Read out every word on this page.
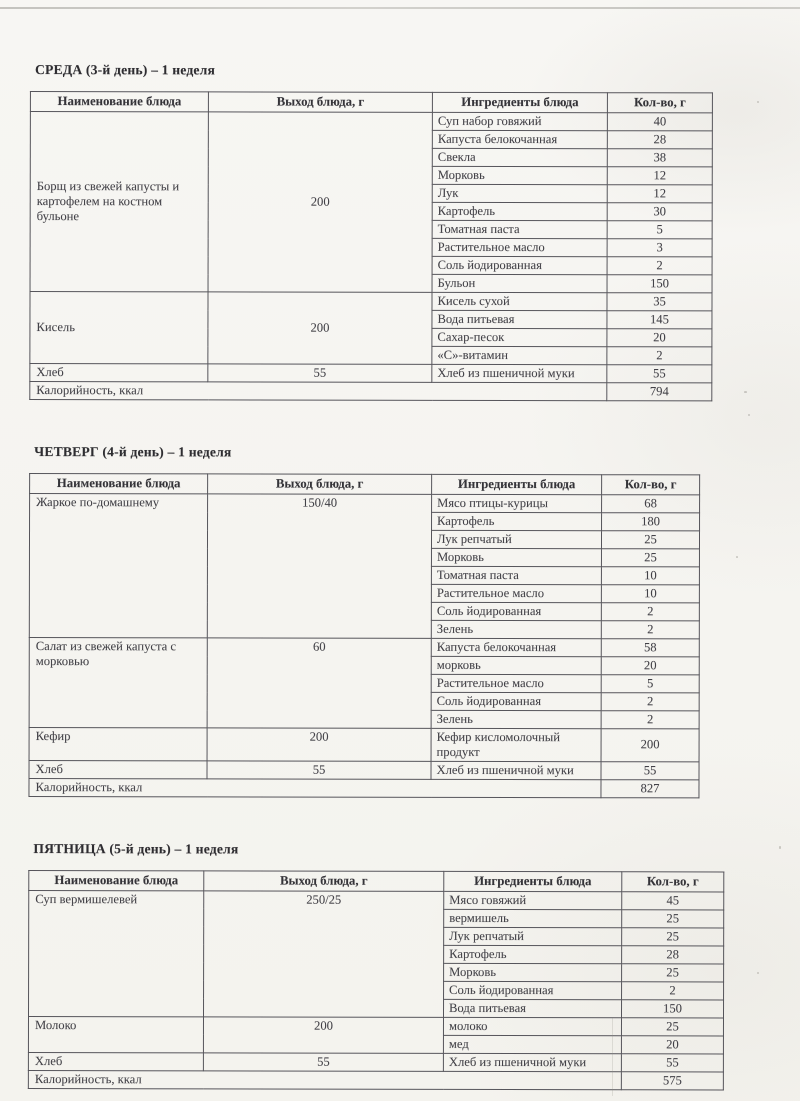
СРЕДА (3-й день) – 1 неделя
Наименование блюда	Выход блюда, г	Ингредиенты блюда	Кол-во, г
Борщ из свежей капусты и картофелем на костном бульоне	200	Суп набор говяжий	40
		Капуста белокочанная	28
		Свекла	38
		Морковь	12
		Лук	12
		Картофель	30
		Томатная паста	5
		Растительное масло	3
		Соль йодированная	2
		Бульон	150
Кисель	200	Кисель сухой	35
		Вода питьевая	145
		Сахар-песок	20
		«С»-витамин	2
Хлеб	55	Хлеб из пшеничной муки	55
Калорийность, ккал			794
ЧЕТВЕРГ (4-й день) – 1 неделя
Наименование блюда	Выход блюда, г	Ингредиенты блюда	Кол-во, г
Жаркое по-домашнему	150/40	Мясо птицы-курицы	68
		Картофель	180
		Лук репчатый	25
		Морковь	25
		Томатная паста	10
		Растительное масло	10
		Соль йодированная	2
		Зелень	2
Салат из свежей капуста с морковью	60	Капуста белокочанная	58
		морковь	20
		Растительное масло	5
		Соль йодированная	2
		Зелень	2
Кефир	200	Кефир кисломолочный продукт	200
Хлеб	55	Хлеб из пшеничной муки	55
Калорийность, ккал			827
ПЯТНИЦА (5-й день) – 1 неделя
Наименование блюда	Выход блюда, г	Ингредиенты блюда	Кол-во, г
Суп вермишелевей	250/25	Мясо говяжий	45
		вермишель	25
		Лук репчатый	25
		Картофель	28
		Морковь	25
		Соль йодированная	2
		Вода питьевая	150
Молоко	200	молоко	25
		мед	20
Хлеб	55	Хлеб из пшеничной муки	55
Калорийность, ккал			575
